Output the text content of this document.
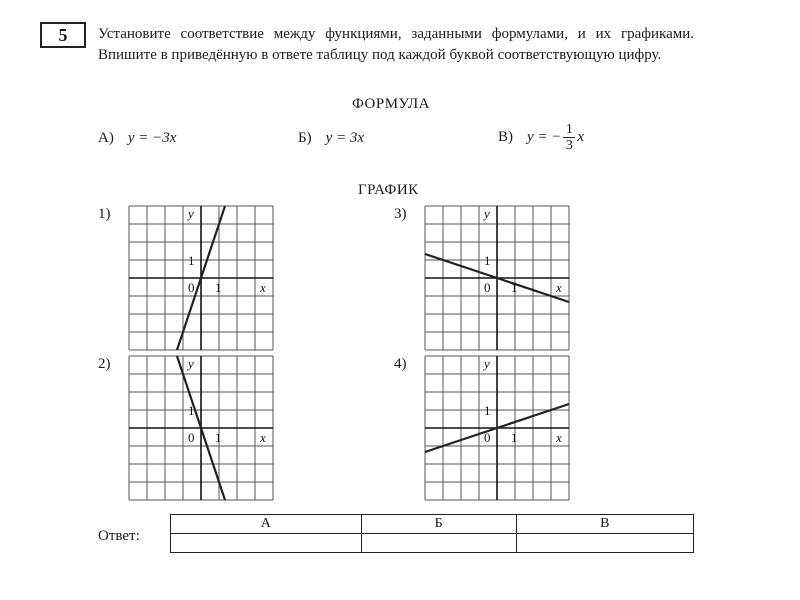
5	Установите соответствие между функциями, заданными формулами, и их графиками. Впишите в приведённую в ответе таблицу под каждой буквой соответствующую цифру.
ФОРМУЛА
А) y = −3x	Б) y = 3x	В) y = − $\frac{1}{3}$ x
ГРАФИК
1)
2)
3)
4)
y
x
0 1
1
y
x
0 1
1
y
x
0 1
1
y
x
0 1
1
Ответ:
А	Б	В
